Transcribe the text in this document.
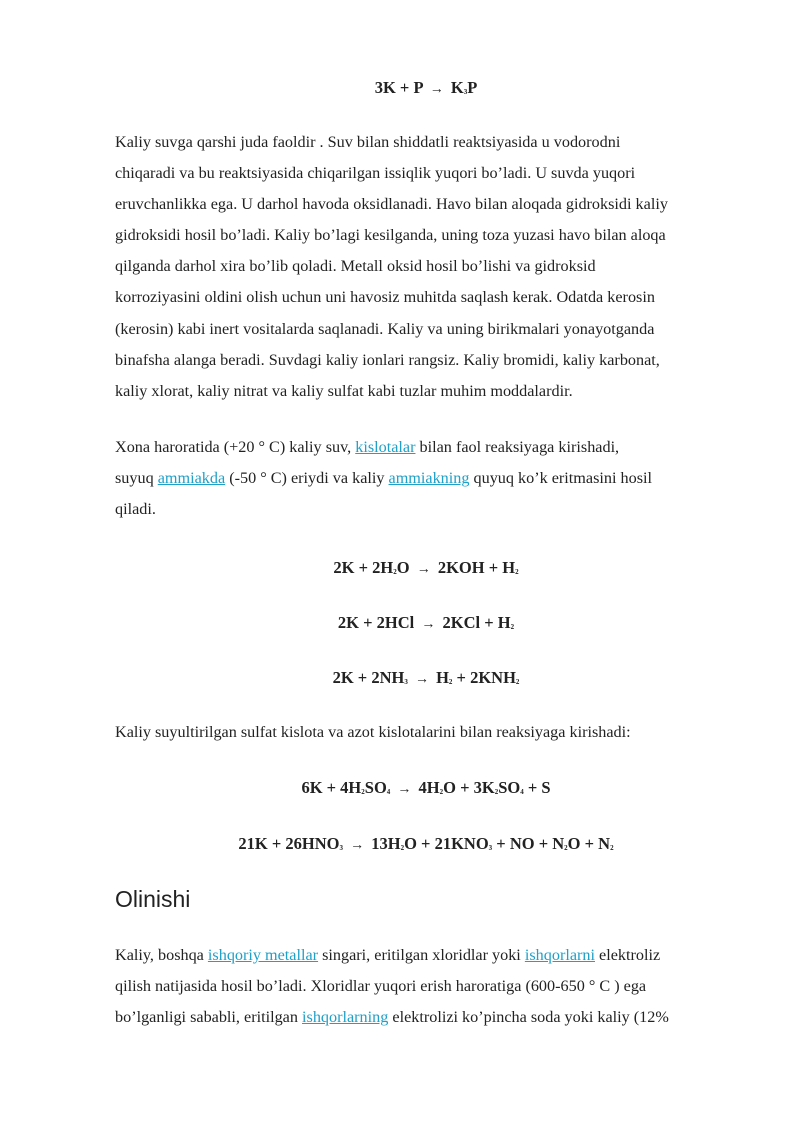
$3K + P \to K_3P$
Kaliy suvga qarshi juda faoldir . Suv bilan shiddatli reaktsiyasida u vodorodni
chiqaradi va bu reaktsiyasida chiqarilgan issiqlik yuqori bo’ladi. U suvda yuqori
eruvchanlikka ega. U darhol havoda oksidlanadi. Havo bilan aloqada gidroksidi kaliy
gidroksidi hosil bo’ladi. Kaliy bo’lagi kesilganda, uning toza yuzasi havo bilan aloqa
qilganda darhol xira bo’lib qoladi. Metall oksid hosil bo’lishi va gidroksid
korroziyasini oldini olish uchun uni havosiz muhitda saqlash kerak. Odatda kerosin
(kerosin) kabi inert vositalarda saqlanadi. Kaliy va uning birikmalari yonayotganda
binafsha alanga beradi. Suvdagi kaliy ionlari rangsiz. Kaliy bromidi, kaliy karbonat,
kaliy xlorat, kaliy nitrat va kaliy sulfat kabi tuzlar muhim moddalardir.
Xona haroratida (+20 ° C) kaliy suv, kislotalar bilan faol reaksiyaga kirishadi,
suyuq ammiakda (-50 ° C) eriydi va kaliy ammiakning quyuq ko’k eritmasini hosil
qiladi.
$2K + 2H_2O \to 2KOH + H_2$
$2K + 2HCl \to 2KCl + H_2$
$2K + 2NH_3 \to H_2 + 2KNH_2$
Kaliy suyultirilgan sulfat kislota va azot kislotalarini bilan reaksiyaga kirishadi:
$6K + 4H_2SO_4 \to 4H_2O + 3K_2SO_4 + S$
$21K + 26HNO_3 \to 13H_2O + 21KNO_3$ + NO + $N_2O + N_2$
Olinishi
Kaliy, boshqa ishqoriy metallar singari, eritilgan xloridlar yoki ishqorlarni elektroliz
qilish natijasida hosil bo’ladi. Xloridlar yuqori erish haroratiga (600-650 ° C ) ega
bo’lganligi sababli, eritilgan ishqorlarning elektrolizi ko’pincha soda yoki kaliy (12%
